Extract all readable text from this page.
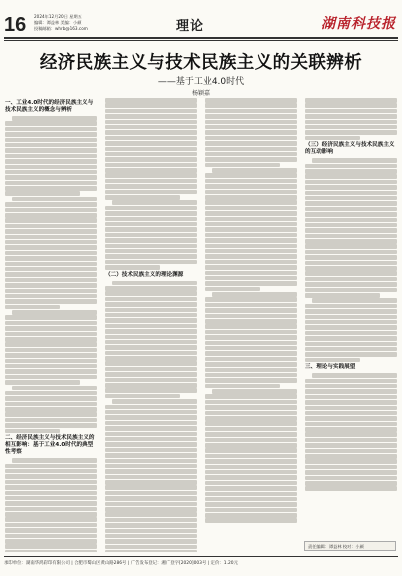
16 2024年12月20日 星期五
编辑：谭益林 美编：小颜
投稿邮箱：whrb@163.com	理论	湖南科技报
经济民族主义与技术民族主义的关联辨析
——基于工业4.0时代
杨颖嘉
一、工业4.0时代的经济民族主义与技术民族主义的概念与辨析
二、经济民族主义与技术民族主义的相互影响：基于工业4.0时代的典型性考察
（二）技术民族主义的理论渊源
（三）经济民族主义与技术民族主义的互动影响
三、理论与实践展望
责任编辑：谭益林 校对：小颜
承印单位：湖南华鸿彩印有限公司 | 合肥市蜀山区黄山路286号 | 广告发布登记：湘广登字[2020]003号 | 定价：1.20元
